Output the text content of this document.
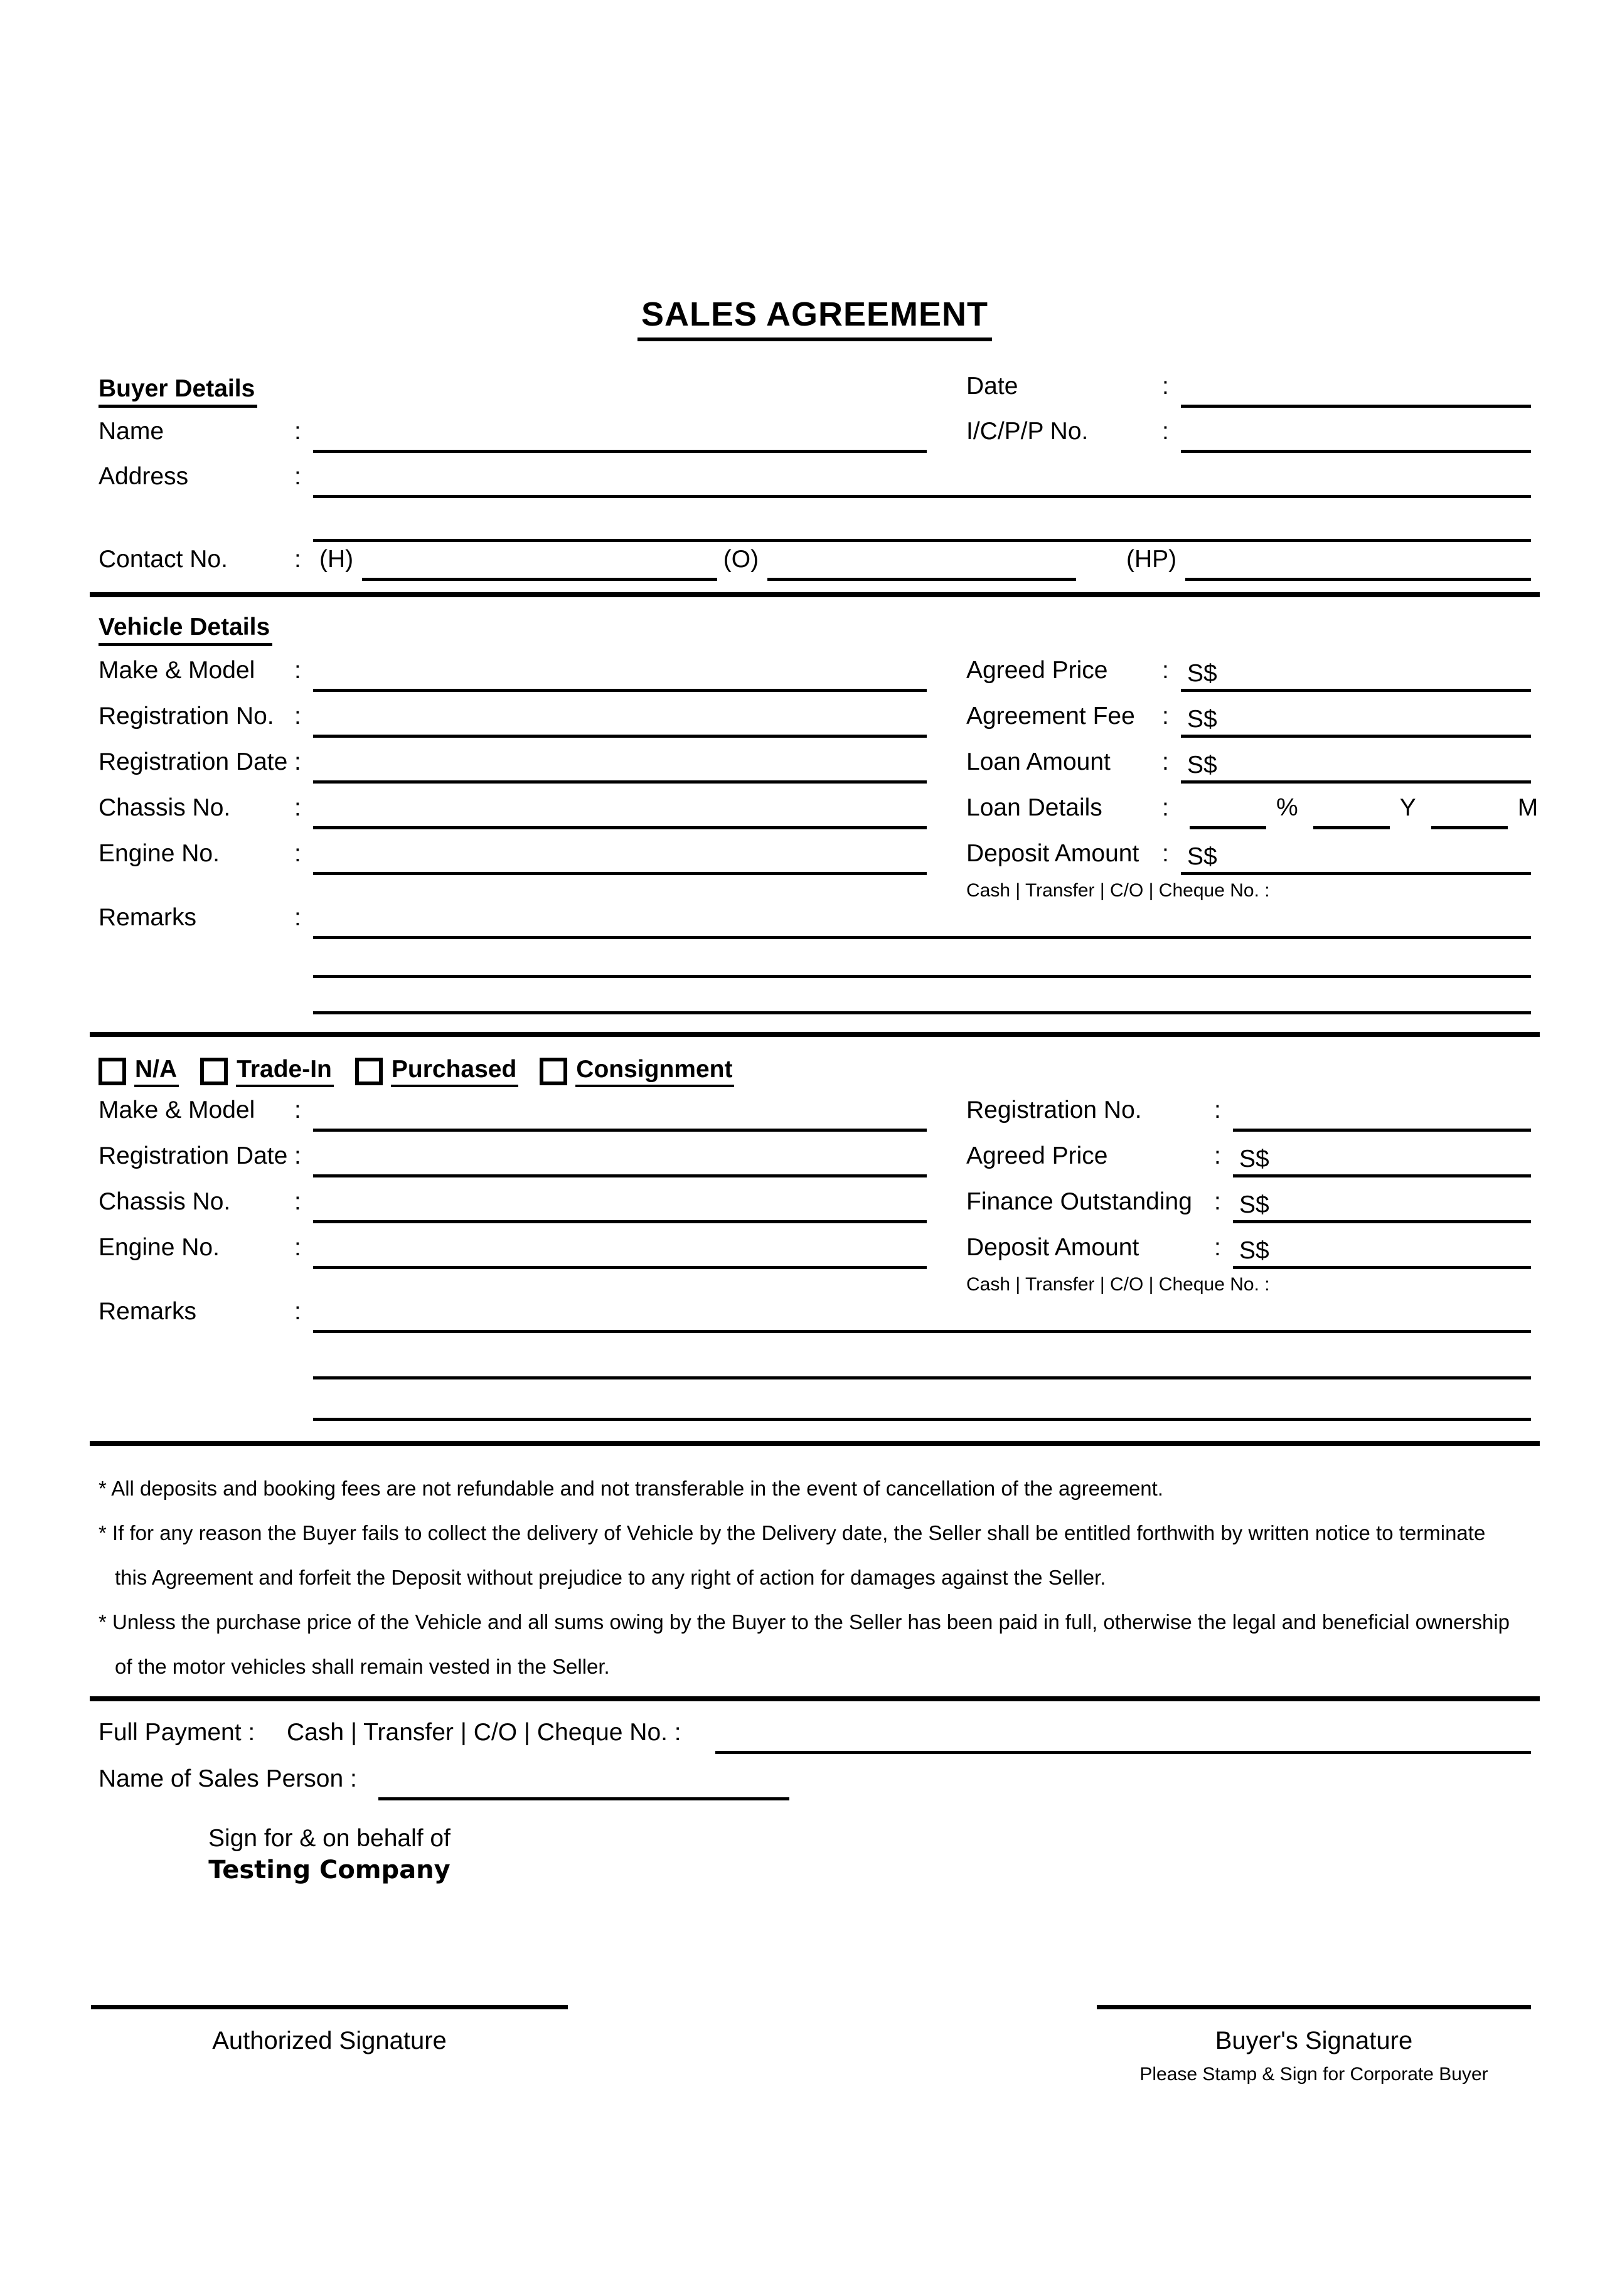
SALES AGREEMENT
Buyer Details	Date	:
Name	:	I/C/P/P No.	:
Address	:
Contact No.	: (H)	(O)	(HP)
Vehicle Details
Make & Model	:	Agreed Price	: S$
Registration No. :	Agreement Fee	: S$
Registration Date :	Loan Amount	: S$
Chassis No.	:	Loan Details	:	%	Y	M
Engine No.	:	Deposit Amount : S$
Cash | Transfer | C/O | Cheque No. :
Remarks	:
N/A Trade-In Purchased Consignment
Make & Model	:	Registration No.	:
Registration Date :	Agreed Price	: S$
Chassis No.	:	Finance Outstanding : S$
Engine No.	:	Deposit Amount	: S$
Cash | Transfer | C/O | Cheque No. :
Remarks	:
* All deposits and booking fees are not refundable and not transferable in the event of cancellation of the agreement.
* If for any reason the Buyer fails to collect the delivery of Vehicle by the Delivery date, the Seller shall be entitled forthwith by written notice to terminate
this Agreement and forfeit the Deposit without prejudice to any right of action for damages against the Seller.
* Unless the purchase price of the Vehicle and all sums owing by the Buyer to the Seller has been paid in full, otherwise the legal and beneficial ownership
of the motor vehicles shall remain vested in the Seller.
Full Payment :	Cash | Transfer | C/O | Cheque No. :
Name of Sales Person :
Sign for & on behalf of
Testing Company
Authorized Signature	Buyer's Signature
Please Stamp & Sign for Corporate Buyer
